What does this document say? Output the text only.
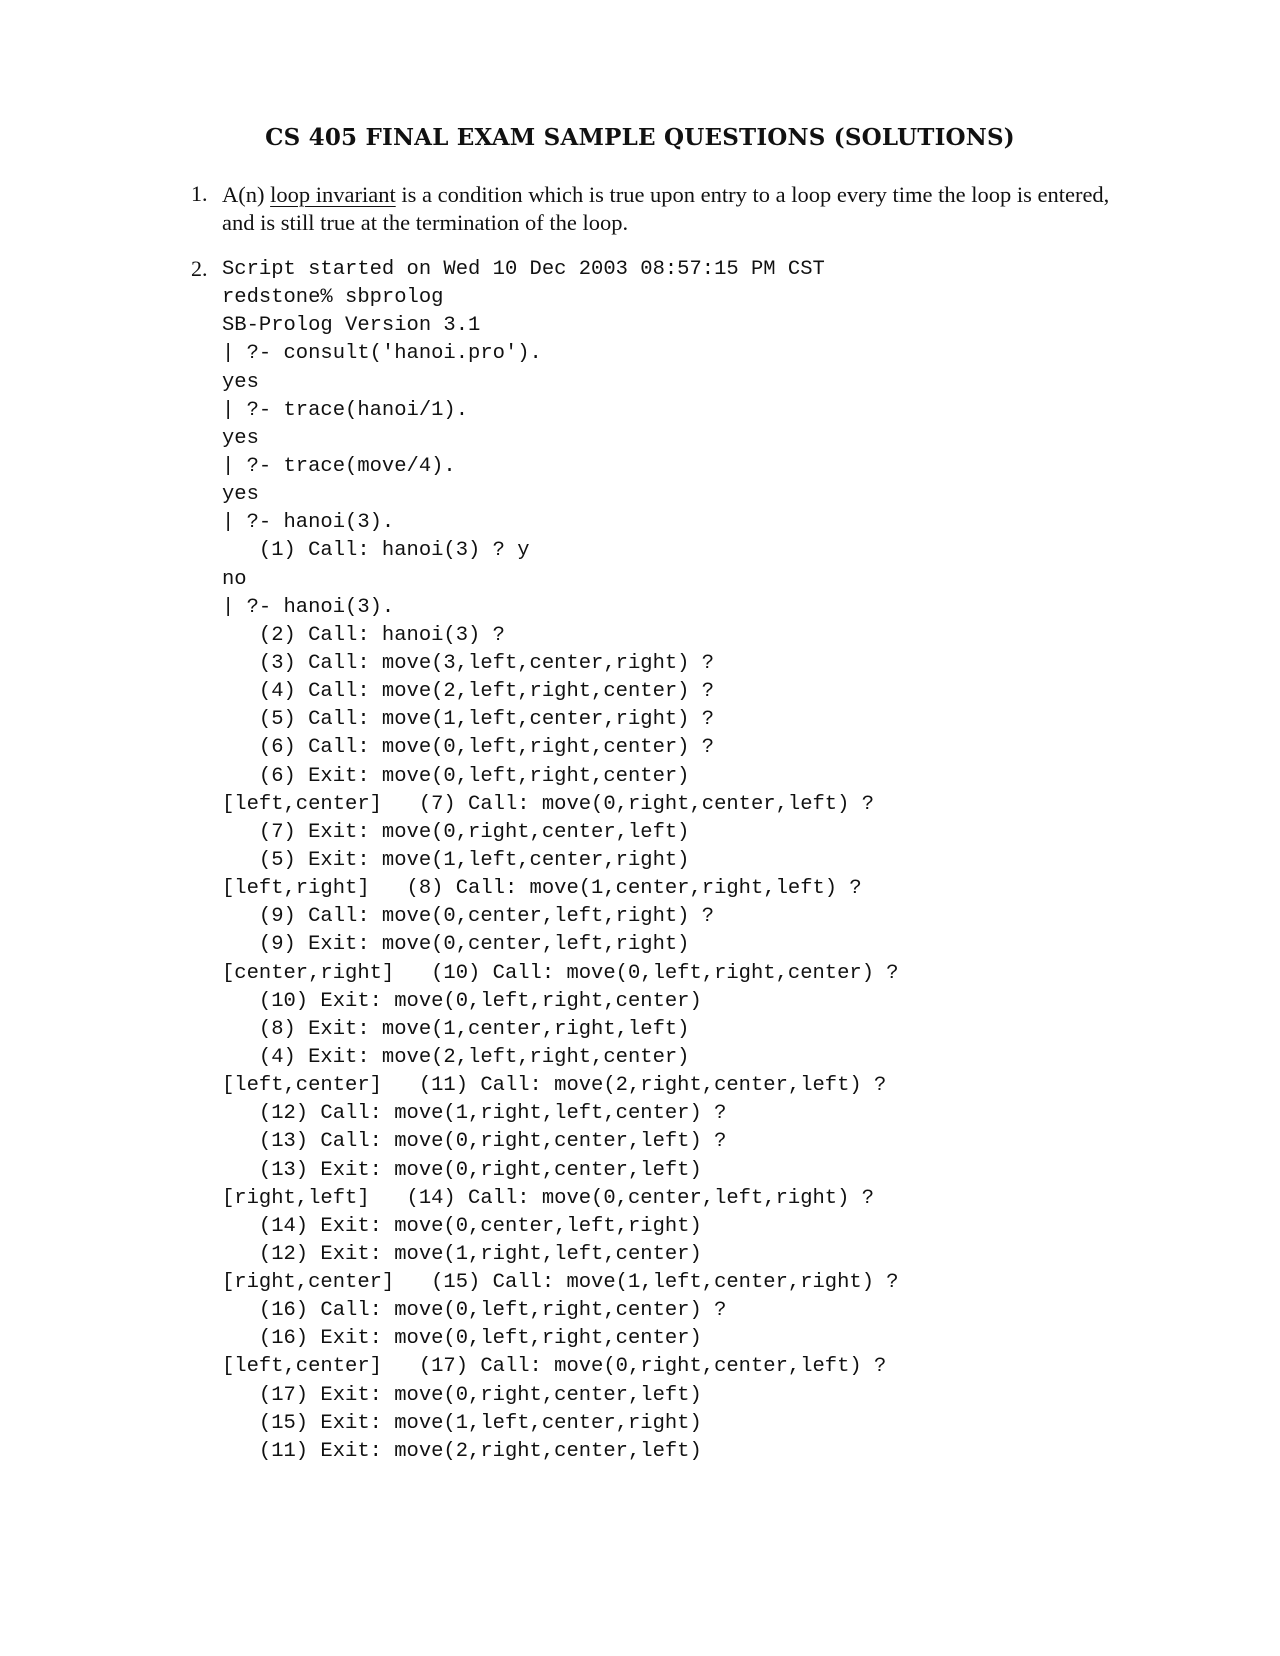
CS 405 FINAL EXAM SAMPLE QUESTIONS (SOLUTIONS)
1. A(n) loop invariant is a condition which is true upon entry to a loop every time the loop is entered, and is still true at the termination of the loop.
2. Script started on Wed 10 Dec 2003 08:57:15 PM CST
redstone% sbprolog
SB-Prolog Version 3.1
| ?- consult('hanoi.pro').
yes
| ?- trace(hanoi/1).
yes
| ?- trace(move/4).
yes
| ?- hanoi(3).
(1) Call: hanoi(3) ? y
no
| ?- hanoi(3).
(2) Call: hanoi(3) ?
(3) Call: move(3,left,center,right) ?
(4) Call: move(2,left,right,center) ?
(5) Call: move(1,left,center,right) ?
(6) Call: move(0,left,right,center) ?
(6) Exit: move(0,left,right,center)
[left,center]   (7) Call: move(0,right,center,left) ?
(7) Exit: move(0,right,center,left)
(5) Exit: move(1,left,center,right)
[left,right]   (8) Call: move(1,center,right,left) ?
(9) Call: move(0,center,left,right) ?
(9) Exit: move(0,center,left,right)
[center,right]   (10) Call: move(0,left,right,center) ?
(10) Exit: move(0,left,right,center)
(8) Exit: move(1,center,right,left)
(4) Exit: move(2,left,right,center)
[left,center]   (11) Call: move(2,right,center,left) ?
(12) Call: move(1,right,left,center) ?
(13) Call: move(0,right,center,left) ?
(13) Exit: move(0,right,center,left)
[right,left]   (14) Call: move(0,center,left,right) ?
(14) Exit: move(0,center,left,right)
(12) Exit: move(1,right,left,center)
[right,center]   (15) Call: move(1,left,center,right) ?
(16) Call: move(0,left,right,center) ?
(16) Exit: move(0,left,right,center)
[left,center]   (17) Call: move(0,right,center,left) ?
(17) Exit: move(0,right,center,left)
(15) Exit: move(1,left,center,right)
(11) Exit: move(2,right,center,left)
